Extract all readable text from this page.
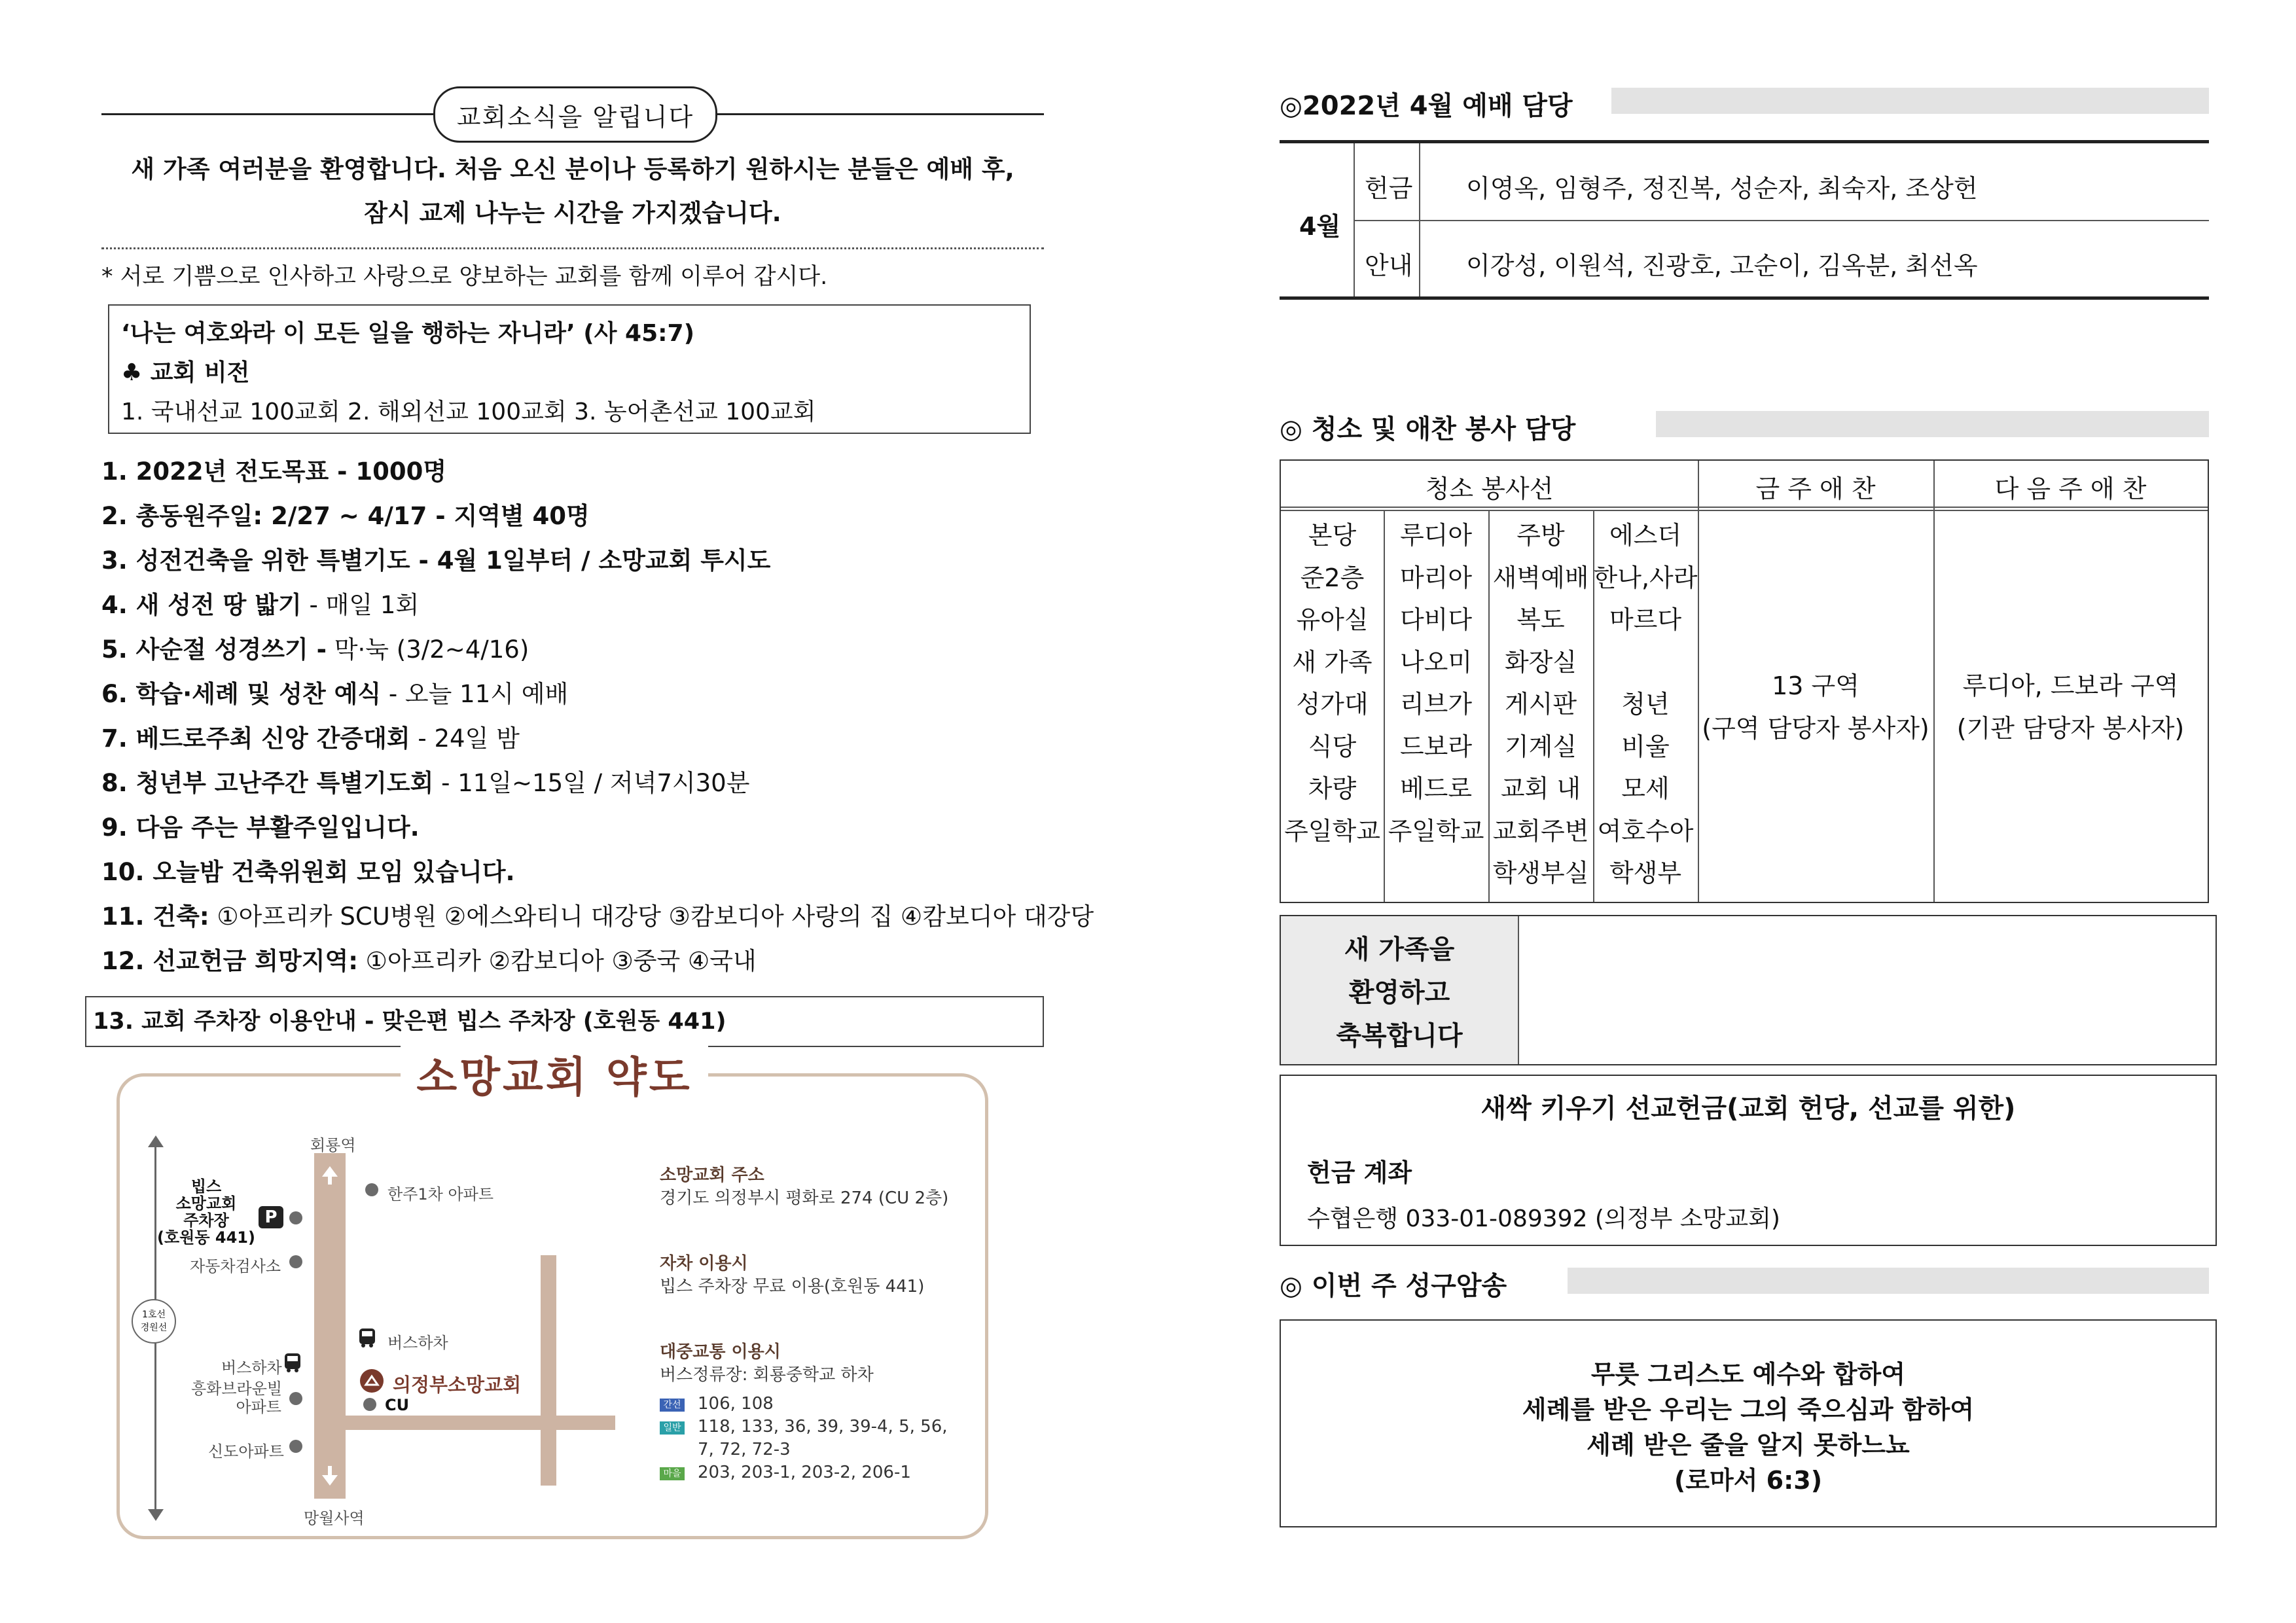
교회소식을 알립니다
새 가족 여러분을 환영합니다. 처음 오신 분이나 등록하기 원하시는 분들은 예배 후,
잠시 교제 나누는 시간을 가지겠습니다.
* 서로 기쁨으로 인사하고 사랑으로 양보하는 교회를 함께 이루어 갑시다.
‘나는 여호와라 이 모든 일을 행하는 자니라’ (사 45:7)
♣ 교회 비전
1. 국내선교 100교회 2. 해외선교 100교회 3. 농어촌선교 100교회
1. 2022년 전도목표 - 1000명
2. 총동원주일: 2/27 ~ 4/17 - 지역별 40명
3. 성전건축을 위한 특별기도 - 4월 1일부터 / 소망교회 투시도
4. 새 성전 땅 밟기 - 매일 1회
5. 사순절 성경쓰기 - 막·눅 (3/2~4/16)
6. 학습·세례 및 성찬 예식 - 오늘 11시 예배
7. 베드로주최 신앙 간증대회 - 24일 밤
8. 청년부 고난주간 특별기도회 - 11일~15일 / 저녁7시30분
9. 다음 주는 부활주일입니다.
10. 오늘밤 건축위원회 모임 있습니다.
11. 건축: ①아프리카 SCU병원 ②에스와티니 대강당 ③캄보디아 사랑의 집 ④캄보디아 대강당
12. 선교헌금 희망지역: ①아프리카 ②캄보디아 ③중국 ④국내
13. 교회 주차장 이용안내 - 맞은편 빕스 주차장 (호원동 441)
소망교회 약도
1호선
경원선
회룡역
망월사역
한주1차 아파트
빕스
소망교회
주차장
(호원동 441)
P
자동차검사소
버스하차
버스하차
흥화브라운빌
아파트
신도아파트
의정부소망교회
CU
소망교회 주소
경기도 의정부시 평화로 274 (CU 2층)
자차 이용시
빕스 주차장 무료 이용(호원동 441)
대중교통 이용시
버스정류장: 회룡중학교 하차
간선 106, 108
일반 118, 133, 36, 39, 39-4, 5, 56,
7, 72, 72-3
마을 203, 203-1, 203-2, 206-1
◎2022년 4월 예배 담당
4월
헌금 이영옥, 임형주, 정진복, 성순자, 최숙자, 조상헌
안내 이강성, 이원석, 진광호, 고순이, 김옥분, 최선옥
◎ 청소 및 애찬 봉사 담당
청소 봉사선	금 주 애 찬	다 음 주 애 찬
본당
준2층
유아실
새 가족
성가대
식당
차량
주일학교
루디아
마리아
다비다
나오미
리브가
드보라
베드로
주일학교
주방
새벽예배
복도
화장실
게시판
기계실
교회 내
교회주변
학생부실
에스더
한나,사라
마르다
청년
비울
모세
여호수아
학생부
13 구역
(구역 담당자 봉사자)
루디아, 드보라 구역
(기관 담당자 봉사자)
새 가족을
환영하고
축복합니다
새싹 키우기 선교헌금(교회 헌당, 선교를 위한)
헌금 계좌
수협은행 033-01-089392 (의정부 소망교회)
◎ 이번 주 성구암송
무릇 그리스도 예수와 합하여
세례를 받은 우리는 그의 죽으심과 함하여
세례 받은 줄을 알지 못하느뇨
(로마서 6:3)
